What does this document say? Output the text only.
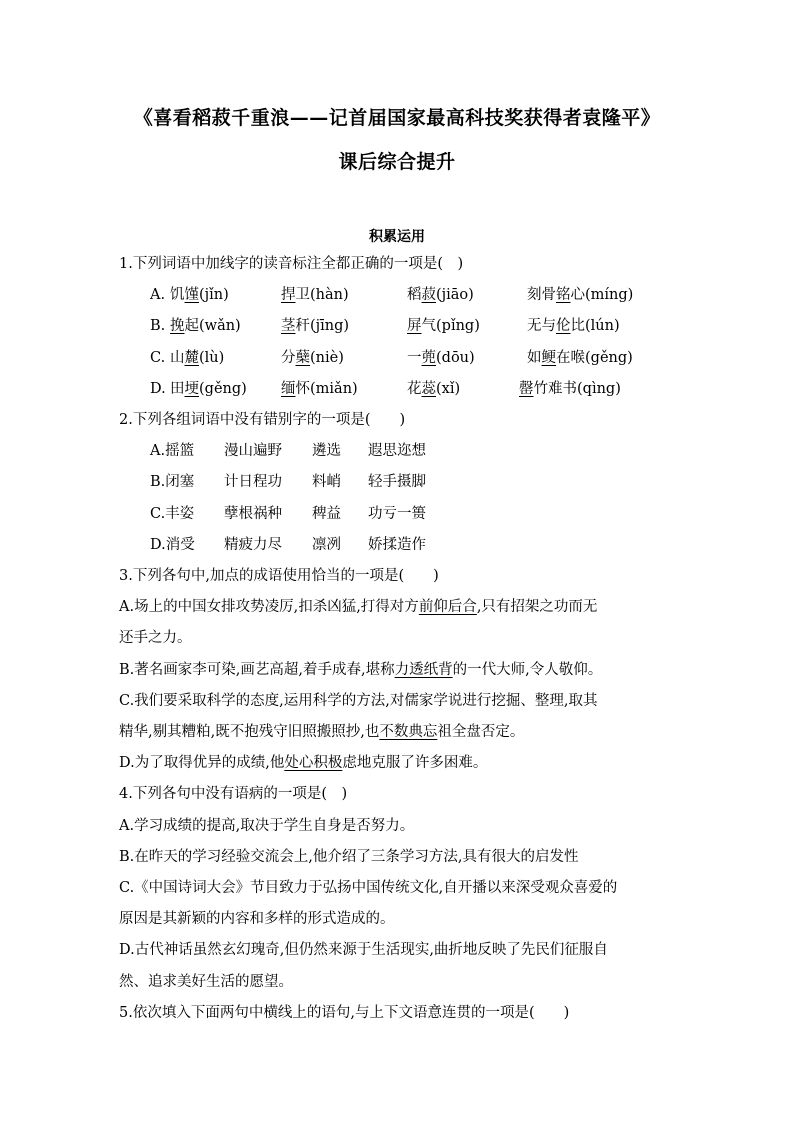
《喜看稻菽千重浪——记首届国家最高科技奖获得者袁隆平》
课后综合提升
积累运用
1.下列词语中加线字的读音标注全都正确的一项是(　)
A. 饥馑(jǐn)	捍卫(hàn)	稻菽(jiāo)	刻骨铭心(míng)
B. 挽起(wǎn)	茎秆(jīng)	屏气(pǐng)	无与伦比(lún)
C. 山麓(lù)	分蘖(niè)	一蔸(dōu)	如鲠在喉(gěng)
D. 田埂(gěng) 缅怀(miǎn)	花蕊(xǐ)	罄竹难书(qìng)
2.下列各组词语中没有错别字的一项是(　　)
A.摇篮 漫山遍野 遴选 遐思迩想
B.闭塞 计日程功 料峭 轻手摄脚
C.丰姿 孽根祸种 稗益 功亏一篑
D.消受 精疲力尽 凛冽 娇揉造作
3.下列各句中,加点的成语使用恰当的一项是(　　)
A.场上的中国女排攻势凌厉,扣杀凶猛,打得对方前仰后合,只有招架之功而无
还手之力。
B.著名画家李可染,画艺高超,着手成春,堪称力透纸背的一代大师,令人敬仰。
C.我们要采取科学的态度,运用科学的方法,对儒家学说进行挖掘、整理,取其
精华,剔其糟粕,既不抱残守旧照搬照抄,也不数典忘祖全盘否定。
D.为了取得优异的成绩,他处心积极虑地克服了许多困难。
4.下列各句中没有语病的一项是(　)
A.学习成绩的提高,取决于学生自身是否努力。
B.在昨天的学习经验交流会上,他介绍了三条学习方法,具有很大的启发性
C.《中国诗词大会》节目致力于弘扬中国传统文化,自开播以来深受观众喜爱的
原因是其新颖的内容和多样的形式造成的。
D.古代神话虽然玄幻瑰奇,但仍然来源于生活现实,曲折地反映了先民们征服自
然、追求美好生活的愿望。
5.依次填入下面两句中横线上的语句,与上下文语意连贯的一项是(　　)
